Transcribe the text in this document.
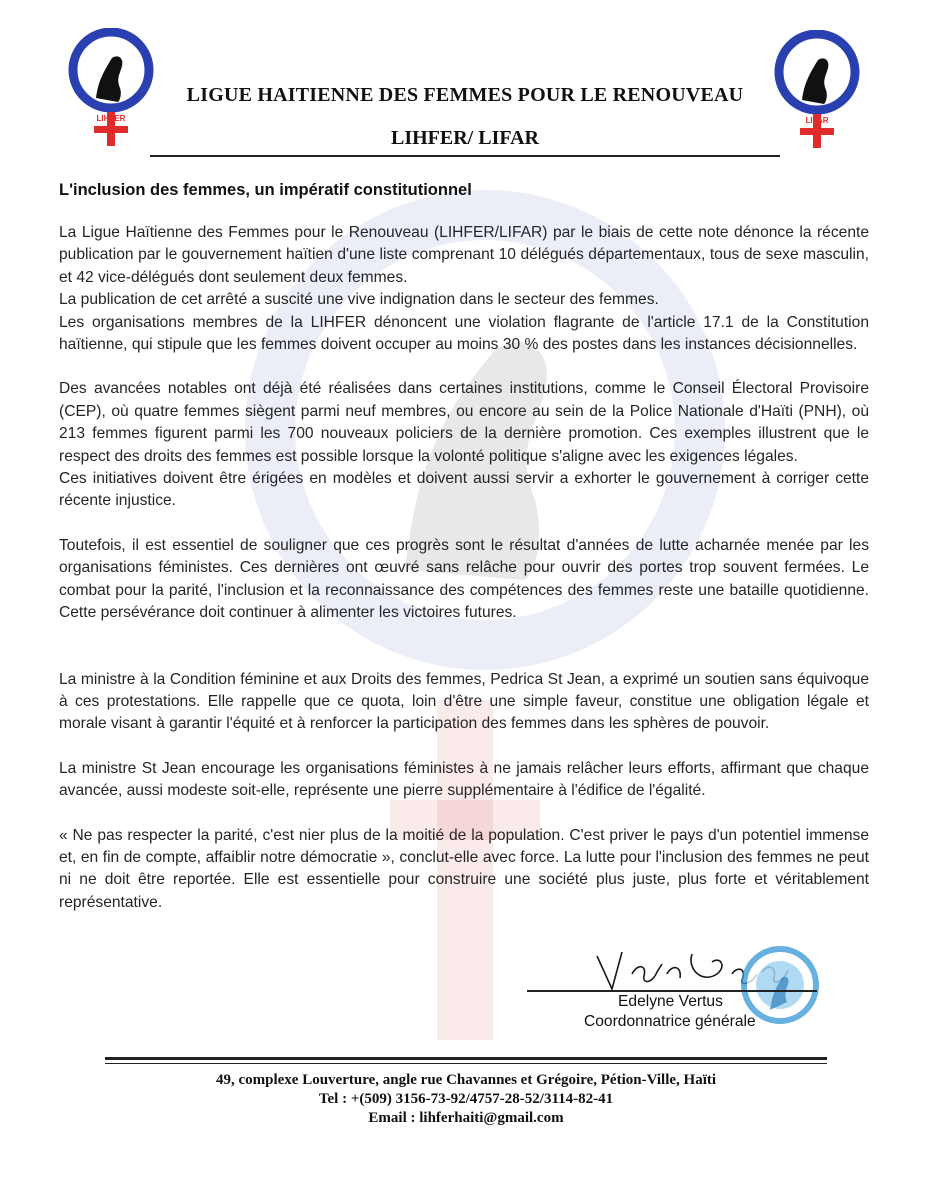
LIHFER	LIFAR
LIGUE HAITIENNE DES FEMMES POUR LE RENOUVEAU
LIHFER/ LIFAR
L'inclusion des femmes, un impératif constitutionnel

La Ligue Haïtienne des Femmes pour le Renouveau (LIHFER/LIFAR) par le biais de cette note dénonce la récente publication par le gouvernement haïtien d'une liste comprenant 10 délégués départementaux, tous de sexe masculin, et 42 vice-délégués dont seulement deux femmes.

La publication de cet arrêté a suscité une vive indignation dans le secteur des femmes.

Les organisations membres de la LIHFER dénoncent une violation flagrante de l'article 17.1 de la Constitution haïtienne, qui stipule que les femmes doivent occuper au moins 30 % des postes dans les instances décisionnelles.

Des avancées notables ont déjà été réalisées dans certaines institutions, comme le Conseil Électoral Provisoire (CEP), où quatre femmes siègent parmi neuf membres, ou encore au sein de la Police Nationale d'Haïti (PNH), où 213 femmes figurent parmi les 700 nouveaux policiers de la dernière promotion. Ces exemples illustrent que le respect des droits des femmes est possible lorsque la volonté politique s'aligne avec les exigences légales.

Ces initiatives doivent être érigées en modèles et doivent aussi servir a exhorter le gouvernement à corriger cette récente injustice.

Toutefois, il est essentiel de souligner que ces progrès sont le résultat d'années de lutte acharnée menée par les organisations féministes. Ces dernières ont œuvré sans relâche pour ouvrir des portes trop souvent fermées. Le combat pour la parité, l'inclusion et la reconnaissance des compétences des femmes reste une bataille quotidienne. Cette persévérance doit continuer à alimenter les victoires futures.

La ministre à la Condition féminine et aux Droits des femmes, Pedrica St Jean, a exprimé un soutien sans équivoque à ces protestations. Elle rappelle que ce quota, loin d'être une simple faveur, constitue une obligation légale et morale visant à garantir l'équité et à renforcer la participation des femmes dans les sphères de pouvoir.

La ministre St Jean encourage les organisations féministes à ne jamais relâcher leurs efforts, affirmant que chaque avancée, aussi modeste soit-elle, représente une pierre supplémentaire à l'édifice de l'égalité.

« Ne pas respecter la parité, c'est nier plus de la moitié de la population. C'est priver le pays d'un potentiel immense et, en fin de compte, affaiblir notre démocratie », conclut-elle avec force. La lutte pour l'inclusion des femmes ne peut ni ne doit être reportée. Elle est essentielle pour construire une société plus juste, plus forte et véritablement représentative.

Edelyne Vertus
Coordonnatrice générale
49, complexe Louverture, angle rue Chavannes et Grégoire, Pétion-Ville, Haïti
Tel : +(509) 3156-73-92/4757-28-52/3114-82-41
Email : lihferhaiti@gmail.com
